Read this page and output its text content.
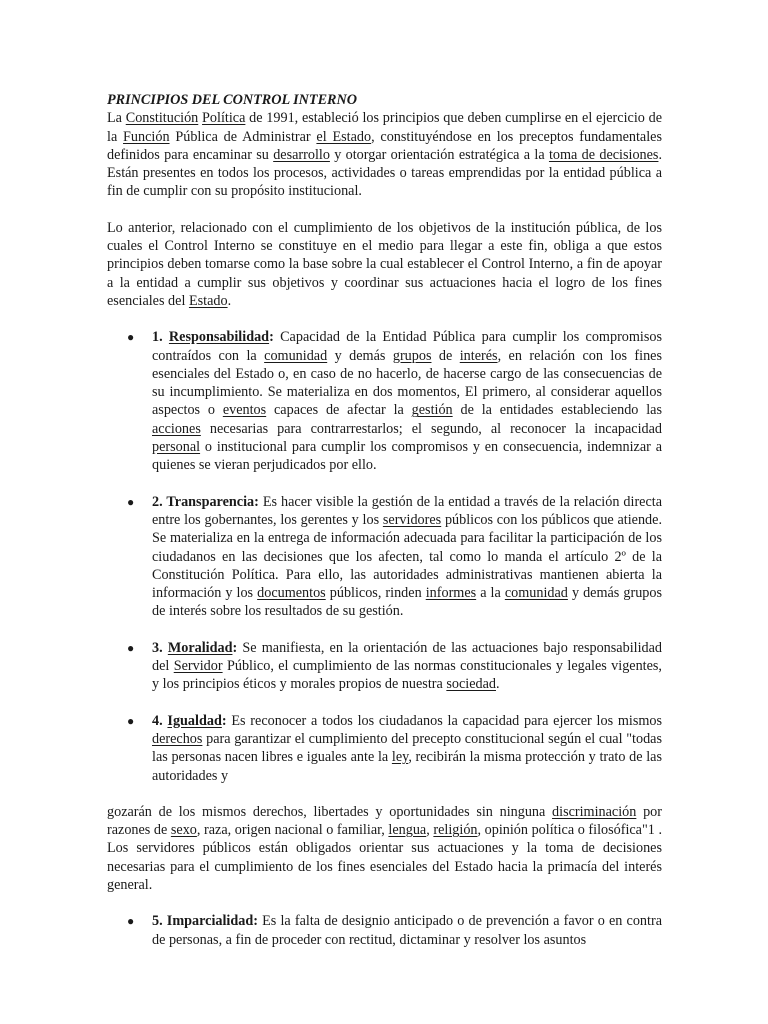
PRINCIPIOS DEL CONTROL INTERNO

La Constitución Política de 1991, estableció los principios que deben cumplirse en el ejercicio de la Función Pública de Administrar el Estado, constituyéndose en los preceptos fundamentales definidos para encaminar su desarrollo y otorgar orientación estratégica a la toma de decisiones. Están presentes en todos los procesos, actividades o tareas emprendidas por la entidad pública a fin de cumplir con su propósito institucional.

Lo anterior, relacionado con el cumplimiento de los objetivos de la institución pública, de los cuales el Control Interno se constituye en el medio para llegar a este fin, obliga a que estos principios deben tomarse como la base sobre la cual establecer el Control Interno, a fin de apoyar a la entidad a cumplir sus objetivos y coordinar sus actuaciones hacia el logro de los fines esenciales del Estado.

● 1. Responsabilidad: Capacidad de la Entidad Pública para cumplir los compromisos contraídos con la comunidad y demás grupos de interés, en relación con los fines esenciales del Estado o, en caso de no hacerlo, de hacerse cargo de las consecuencias de su incumplimiento. Se materializa en dos momentos, El primero, al considerar aquellos aspectos o eventos capaces de afectar la gestión de la entidades estableciendo las acciones necesarias para contrarrestarlos; el segundo, al reconocer la incapacidad personal o institucional para cumplir los compromisos y en consecuencia, indemnizar a quienes se vieran perjudicados por ello.
● 2. Transparencia: Es hacer visible la gestión de la entidad a través de la relación directa entre los gobernantes, los gerentes y los servidores públicos con los públicos que atiende. Se materializa en la entrega de información adecuada para facilitar la participación de los ciudadanos en las decisiones que los afecten, tal como lo manda el artículo 2º de la Constitución Política. Para ello, las autoridades administrativas mantienen abierta la información y los documentos públicos, rinden informes a la comunidad y demás grupos de interés sobre los resultados de su gestión.
● 3. Moralidad: Se manifiesta, en la orientación de las actuaciones bajo responsabilidad del Servidor Público, el cumplimiento de las normas constitucionales y legales vigentes, y los principios éticos y morales propios de nuestra sociedad.
● 4. Igualdad: Es reconocer a todos los ciudadanos la capacidad para ejercer los mismos derechos para garantizar el cumplimiento del precepto constitucional según el cual "todas las personas nacen libres e iguales ante la ley, recibirán la misma protección y trato de las autoridades y

gozarán de los mismos derechos, libertades y oportunidades sin ninguna discriminación por razones de sexo, raza, origen nacional o familiar, lengua, religión, opinión política o filosófica"1 . Los servidores públicos están obligados orientar sus actuaciones y la toma de decisiones necesarias para el cumplimiento de los fines esenciales del Estado hacia la primacía del interés general.

● 5. Imparcialidad: Es la falta de designio anticipado o de prevención a favor o en contra de personas, a fin de proceder con rectitud, dictaminar y resolver los asuntos
